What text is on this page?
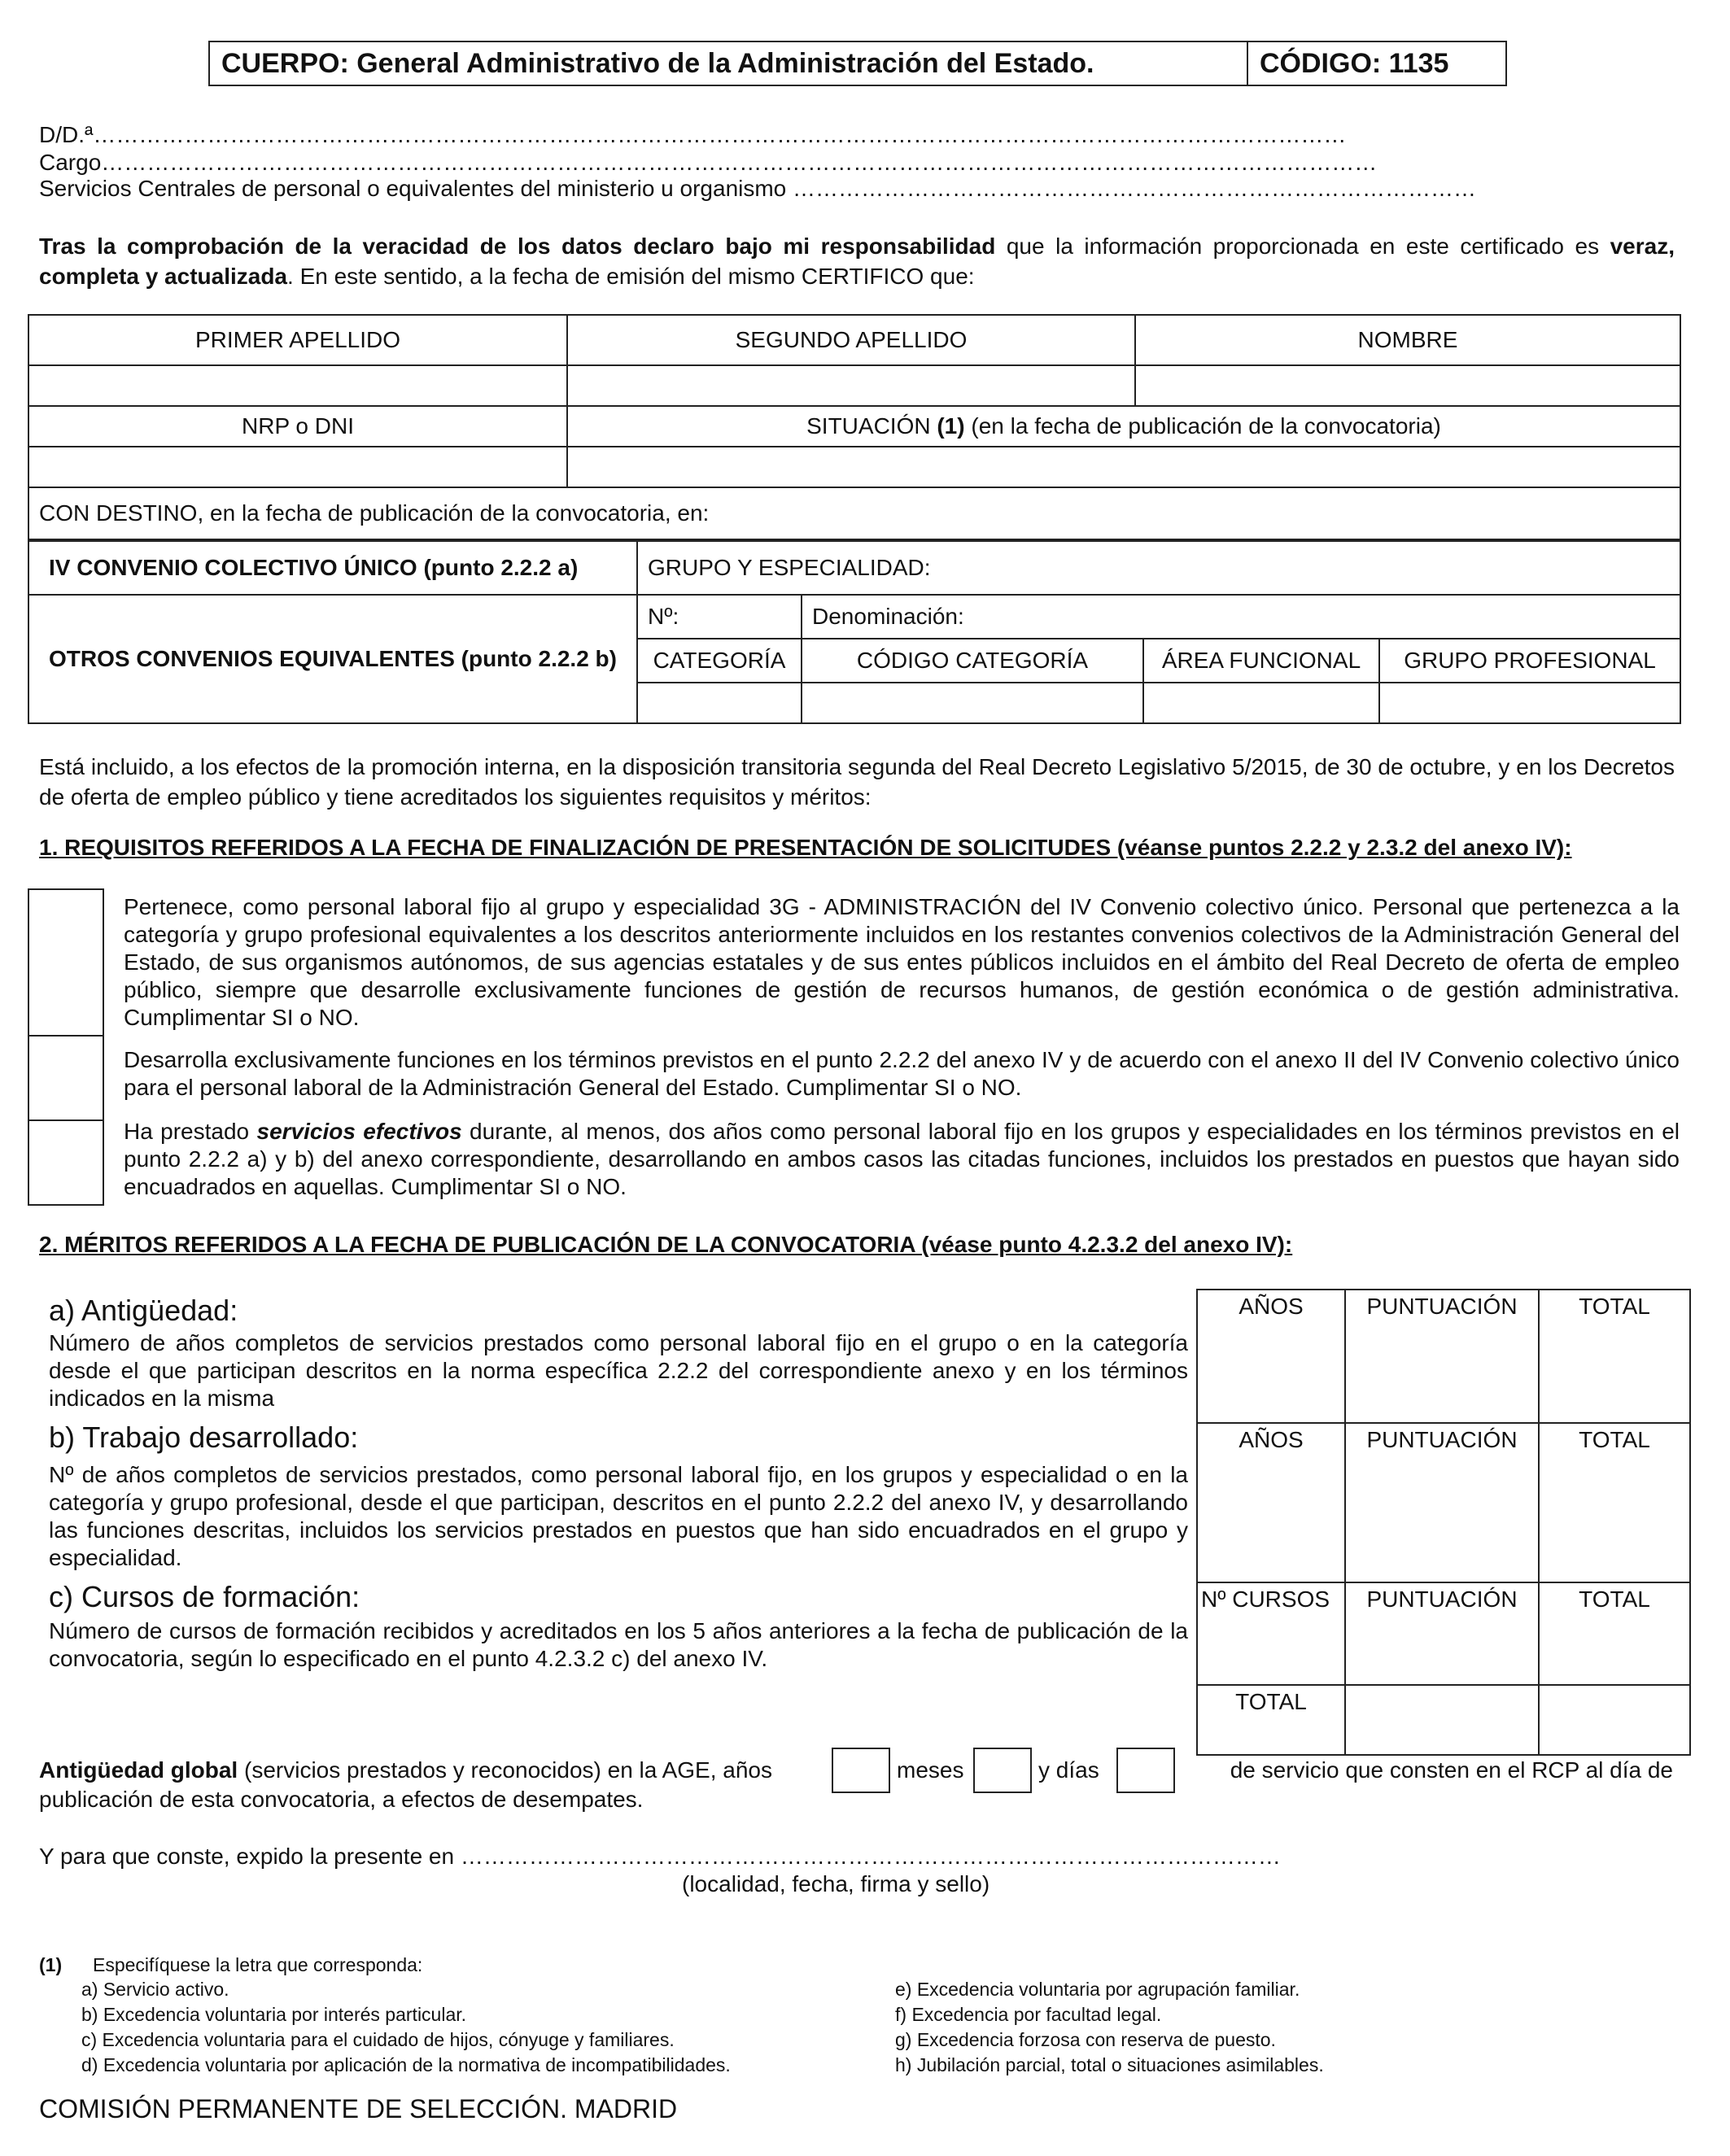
CUERPO: General Administrativo de la Administración del Estado.	CÓDIGO: 1135
D/D.ª…………………………………………………………………………………………………………………………………………………
Cargo……………………………………………………………………………………………………………………………………………………
Servicios Centrales de personal o equivalentes del ministerio u organismo ………………………………………………………………………………
Tras la comprobación de la veracidad de los datos declaro bajo mi responsabilidad que la información proporcionada en este certificado es veraz, completa y actualizada. En este sentido, a la fecha de emisión del mismo CERTIFICO que:
PRIMER APELLIDO	SEGUNDO APELLIDO	NOMBRE

NRP o DNI	SITUACIÓN (1) (en la fecha de publicación de la convocatoria)	

CON DESTINO, en la fecha de publicación de la convocatoria, en:		
IV CONVENIO COLECTIVO ÚNICO (punto 2.2.2 a)	GRUPO Y ESPECIALIDAD:			
OTROS CONVENIOS EQUIVALENTES (punto 2.2.2 b)	Nº:	Denominación:		
	CATEGORÍA	CÓDIGO CATEGORÍA	ÁREA FUNCIONAL	GRUPO PROFESIONAL

Está incluido, a los efectos de la promoción interna, en la disposición transitoria segunda del Real Decreto Legislativo 5/2015, de 30 de octubre, y en los Decretos de oferta de empleo público y tiene acreditados los siguientes requisitos y méritos:
1. REQUISITOS REFERIDOS A LA FECHA DE FINALIZACIÓN DE PRESENTACIÓN DE SOLICITUDES (véanse puntos 2.2.2 y 2.3.2 del anexo IV):
Pertenece, como personal laboral fijo al grupo y especialidad 3G - ADMINISTRACIÓN del IV Convenio colectivo único. Personal que pertenezca a la categoría y grupo profesional equivalentes a los descritos anteriormente incluidos en los restantes convenios colectivos de la Administración General del Estado, de sus organismos autónomos, de sus agencias estatales y de sus entes públicos incluidos en el ámbito del Real Decreto de oferta de empleo público, siempre que desarrolle exclusivamente funciones de gestión de recursos humanos, de gestión económica o de gestión administrativa. Cumplimentar SI o NO.
Desarrolla exclusivamente funciones en los términos previstos en el punto 2.2.2 del anexo IV y de acuerdo con el anexo II del IV Convenio colectivo único para el personal laboral de la Administración General del Estado. Cumplimentar SI o NO.
Ha prestado servicios efectivos durante, al menos, dos años como personal laboral fijo en los grupos y especialidades en los términos previstos en el punto 2.2.2 a) y b) del anexo correspondiente, desarrollando en ambos casos las citadas funciones, incluidos los prestados en puestos que hayan sido encuadrados en aquellas. Cumplimentar SI o NO.
2. MÉRITOS REFERIDOS A LA FECHA DE PUBLICACIÓN DE LA CONVOCATORIA (véase punto 4.2.3.2 del anexo IV):
a) Antigüedad:
Número de años completos de servicios prestados como personal laboral fijo en el grupo o en la categoría desde el que participan descritos en la norma específica 2.2.2 del correspondiente anexo y en los términos indicados en la misma
b) Trabajo desarrollado:
Nº de años completos de servicios prestados, como personal laboral fijo, en los grupos y especialidad o en la categoría y grupo profesional, desde el que participan, descritos en el punto 2.2.2 del anexo IV, y desarrollando las funciones descritas, incluidos los servicios prestados en puestos que han sido encuadrados en el grupo y especialidad.
c) Cursos de formación:
Número de cursos de formación recibidos y acreditados en los 5 años anteriores a la fecha de publicación de la convocatoria, según lo especificado en el punto 4.2.3.2 c) del anexo IV.
AÑOS	PUNTUACIÓN	TOTAL
AÑOS	PUNTUACIÓN	TOTAL
Nº CURSOS	PUNTUACIÓN	TOTAL
TOTAL		
Antigüedad global (servicios prestados y reconocidos) en la AGE, años	meses	y días	de servicio que consten en el RCP al día de
publicación de esta convocatoria, a efectos de desempates.
Y para que conste, expido la presente en ………………………………………………………………………………………………
(localidad, fecha, firma y sello)
(1) Especifíquese la letra que corresponda:
a) Servicio activo.
b) Excedencia voluntaria por interés particular.
c) Excedencia voluntaria para el cuidado de hijos, cónyuge y familiares.
d) Excedencia voluntaria por aplicación de la normativa de incompatibilidades.
e) Excedencia voluntaria por agrupación familiar.
f) Excedencia por facultad legal.
g) Excedencia forzosa con reserva de puesto.
h) Jubilación parcial, total o situaciones asimilables.
COMISIÓN PERMANENTE DE SELECCIÓN. MADRID
